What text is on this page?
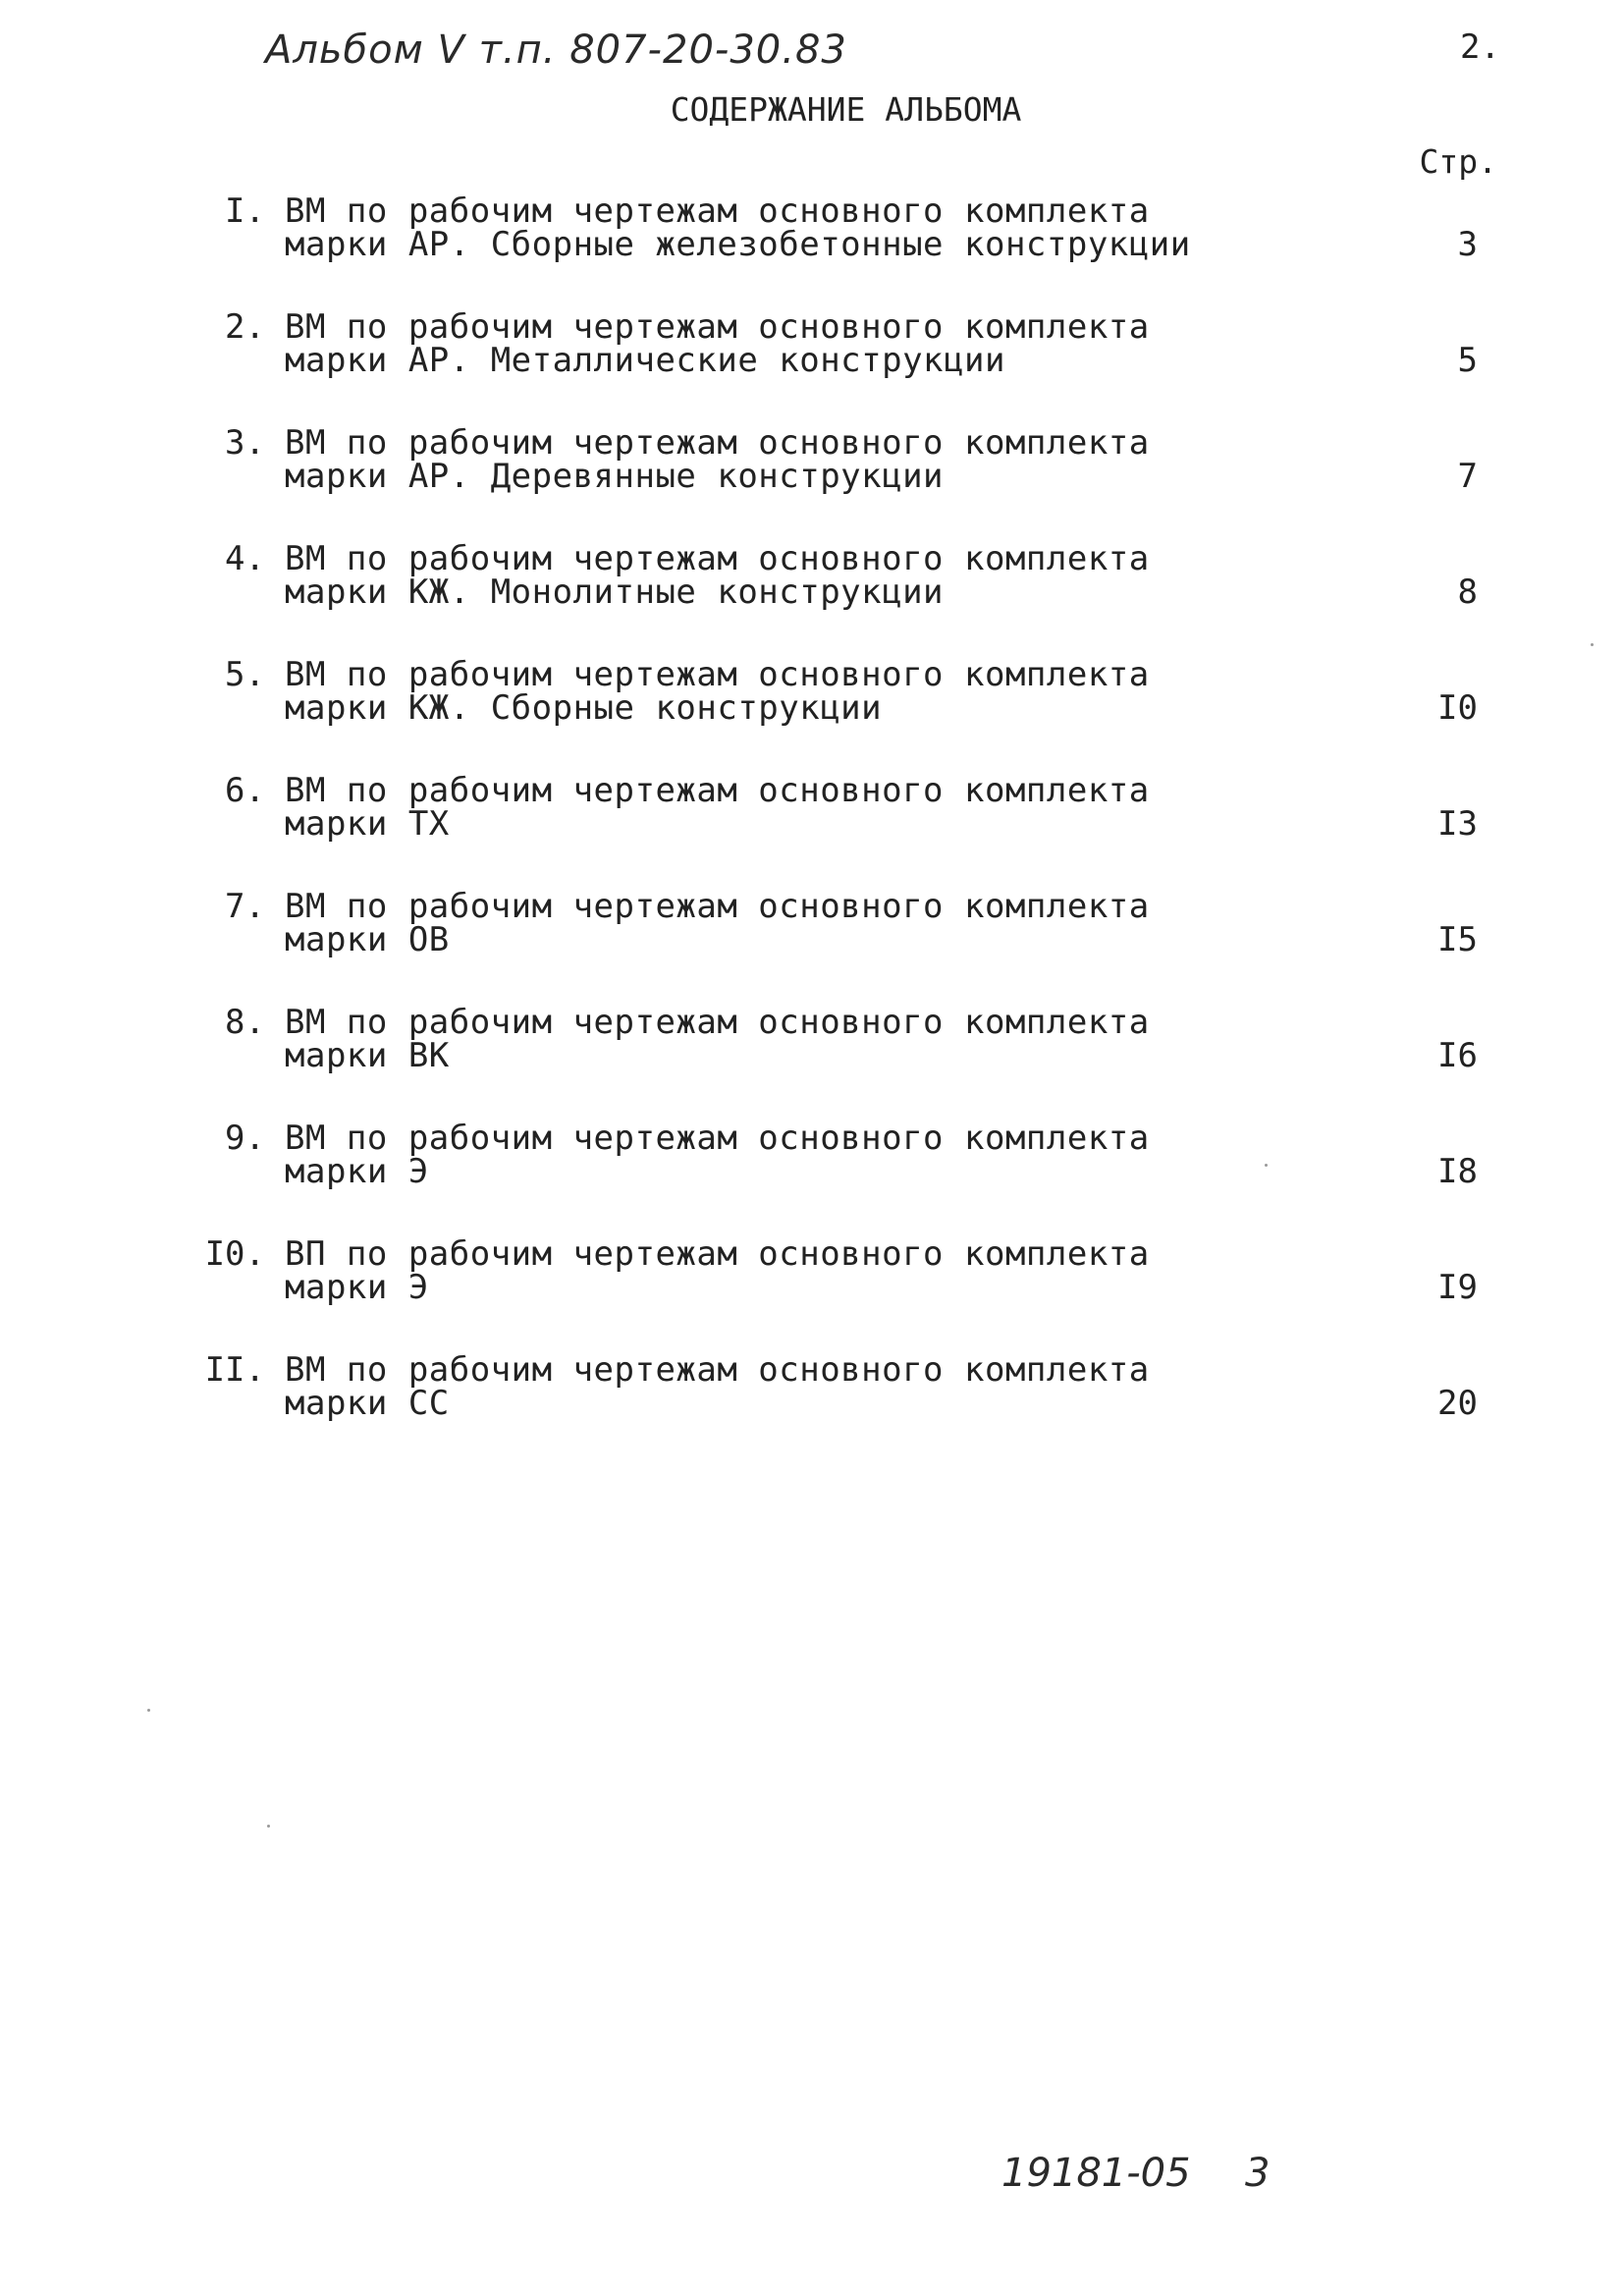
Альбом V т.п. 807-20-30.83	2.
СОДЕРЖАНИЕ АЛЬБОМА
Стр.
I. ВМ по рабочим чертежам основного комплекта
марки АР. Сборные железобетонные конструкции	3
2. ВМ по рабочим чертежам основного комплекта
марки АР. Металлические конструкции	5
3. ВМ по рабочим чертежам основного комплекта
марки АР. Деревянные конструкции	7
4. ВМ по рабочим чертежам основного комплекта
марки КЖ. Монолитные конструкции	8
5. ВМ по рабочим чертежам основного комплекта
марки КЖ. Сборные конструкции	I0
6. ВМ по рабочим чертежам основного комплекта
марки ТХ	I3
7. ВМ по рабочим чертежам основного комплекта
марки ОВ	I5
8. ВМ по рабочим чертежам основного комплекта
марки ВК	I6
9. ВМ по рабочим чертежам основного комплекта
марки Э	I8
I0. ВП по рабочим чертежам основного комплекта
марки Э	I9
II. ВМ по рабочим чертежам основного комплекта
марки СС	20
19181-05 3
